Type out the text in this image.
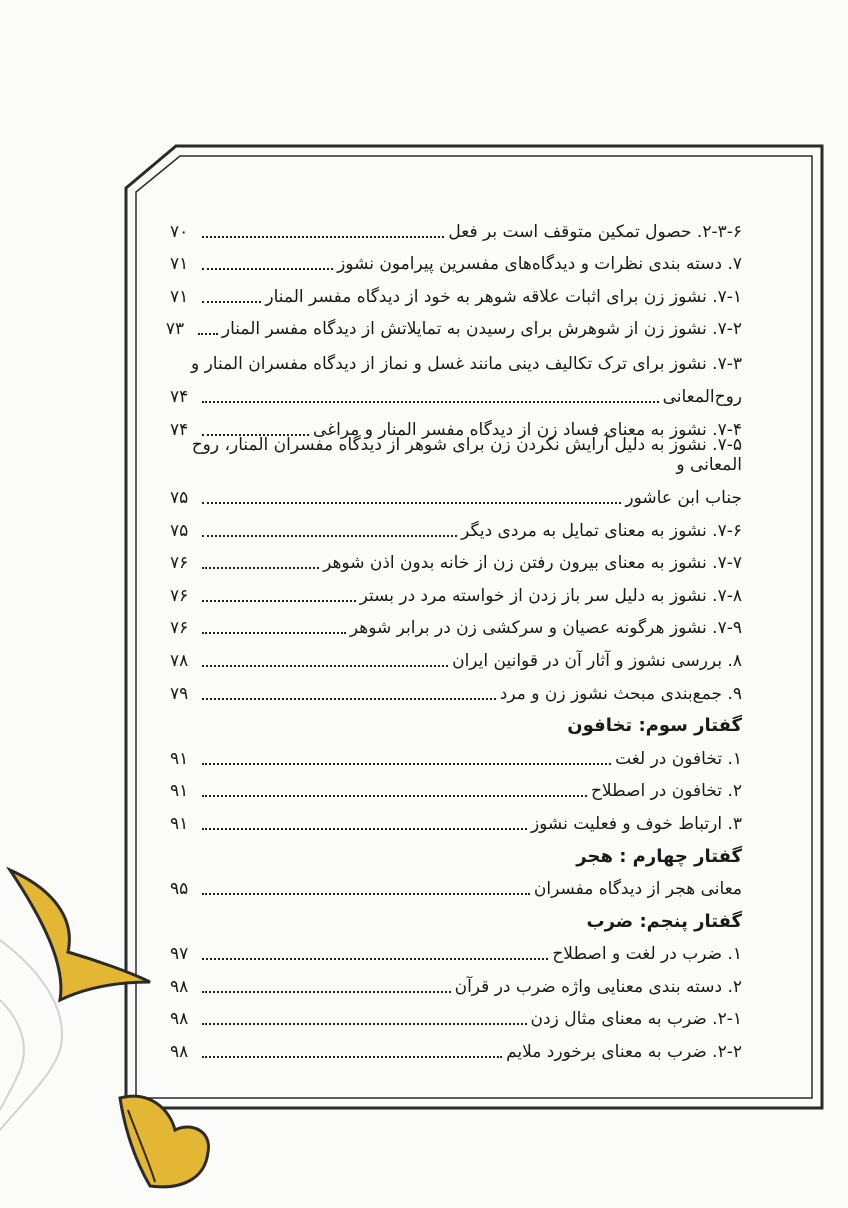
۲-۳-۶. حصول تمکین متوقف است بر فعل
۷۰
۷. دسته بندی نظرات و دیدگاه‌های مفسرین پیرامون نشوز
۷۱
۷-۱. نشوز زن برای اثبات علاقه شوهر به خود از دیدگاه مفسر المنار
۷۱
۷-۲. نشوز زن از شوهرش برای رسیدن به تمایلاتش از دیدگاه مفسر المنار
۷۳
۷-۳. نشوز برای ترک تکالیف دینی مانند غسل و نماز از دیدگاه مفسران المنار و
روح‌المعانی
۷۴
۷-۴. نشوز به معنای فساد زن از دیدگاه مفسر المنار و مراغی
۷۴
۷-۵. نشوز به دلیل آرایش نکردن زن برای شوهر از دیدگاه مفسران المنار، روح المعانی و
جناب ابن عاشور
۷۵
۷-۶. نشوز به معنای تمایل به مردی دیگر
۷۵
۷-۷. نشوز به معنای بیرون رفتن زن از خانه بدون اذن شوهر
۷۶
۷-۸. نشوز به دلیل سر باز زدن از خواسته مرد در بستر
۷۶
۷-۹. نشوز هرگونه عصیان و سرکشی زن در برابر شوهر
۷۶
۸. بررسی نشوز و آثار آن در قوانین ایران
۷۸
۹. جمع‌بندی مبحث نشوز زن و مرد
۷۹
گفتار سوم: تخافون
۱. تخافون در لغت
۹۱
۲. تخافون در اصطلاح
۹۱
۳. ارتباط خوف و فعلیت نشوز
۹۱
گفتار چهارم : هجر
معانی هجر از دیدگاه مفسران
۹۵
گفتار پنجم: ضرب
۱. ضرب در لغت و اصطلاح
۹۷
۲. دسته بندی معنایی واژه ضرب در قرآن
۹۸
۲-۱. ضرب به معنای مثال زدن
۹۸
۲-۲. ضرب به معنای برخورد ملایم
۹۸
